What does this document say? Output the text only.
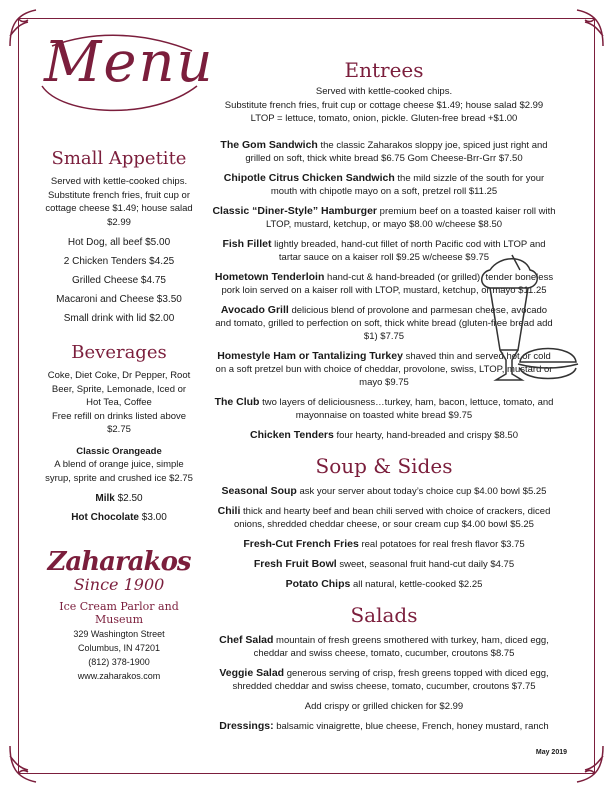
Menu
Small Appetite
Served with kettle-cooked chips. Substitute french fries, fruit cup or cottage cheese $1.49; house salad $2.99
Hot Dog, all beef $5.00
2 Chicken Tenders $4.25
Grilled Cheese $4.75
Macaroni and Cheese $3.50
Small drink with lid $2.00
Beverages
Coke, Diet Coke, Dr Pepper, Root Beer, Sprite, Lemonade, Iced or Hot Tea, Coffee
Free refill on drinks listed above $2.75
Classic Orangeade
A blend of orange juice, simple syrup, sprite and crushed ice $2.75
Milk $2.50
Hot Chocolate $3.00
Zaharakos
Since 1900
Ice Cream Parlor and Museum
329 Washington Street
Columbus, IN 47201
(812) 378-1900
www.zaharakos.com
Entrees
Served with kettle-cooked chips.
Substitute french fries, fruit cup or cottage cheese $1.49; house salad $2.99
LTOP = lettuce, tomato, onion, pickle. Gluten-free bread +$1.00
The Gom Sandwich the classic Zaharakos sloppy joe, spiced just right and grilled on soft, thick white bread $6.75 Gom Cheese-Brr-Grr $7.50
Chipotle Citrus Chicken Sandwich the mild sizzle of the south for your mouth with chipotle mayo on a soft, pretzel roll $11.25
Classic “Diner-Style” Hamburger premium beef on a toasted kaiser roll with LTOP, mustard, ketchup, or mayo $8.00 w/cheese $8.50
Fish Fillet lightly breaded, hand-cut fillet of north Pacific cod with LTOP and tartar sauce on a kaiser roll $9.25 w/cheese $9.75
Hometown Tenderloin hand-cut & hand-breaded (or grilled), tender boneless pork loin served on a kaiser roll with LTOP, mustard, ketchup, or mayo $11.25
Avocado Grill delicious blend of provolone and parmesan cheese, avocado and tomato, grilled to perfection on soft, thick white bread (gluten-free bread add $1) $7.75
Homestyle Ham or Tantalizing Turkey shaved thin and served hot or cold on a soft pretzel bun with choice of cheddar, provolone, swiss, LTOP, mustard or mayo $9.75
The Club two layers of deliciousness…turkey, ham, bacon, lettuce, tomato, and mayonnaise on toasted white bread $9.75
Chicken Tenders four hearty, hand-breaded and crispy $8.50
Soup & Sides
Seasonal Soup ask your server about today’s choice cup $4.00 bowl $5.25
Chili thick and hearty beef and bean chili served with choice of crackers, diced onions, shredded cheddar cheese, or sour cream cup $4.00 bowl $5.25
Fresh-Cut French Fries real potatoes for real fresh flavor $3.75
Fresh Fruit Bowl sweet, seasonal fruit hand-cut daily $4.75
Potato Chips all natural, kettle-cooked $2.25
Salads
Chef Salad mountain of fresh greens smothered with turkey, ham, diced egg, cheddar and swiss cheese, tomato, cucumber, croutons $8.75
Veggie Salad generous serving of crisp, fresh greens topped with diced egg, shredded cheddar and swiss cheese, tomato, cucumber, croutons $7.75
Add crispy or grilled chicken for $2.99
Dressings: balsamic vinaigrette, blue cheese, French, honey mustard, ranch
May 2019
